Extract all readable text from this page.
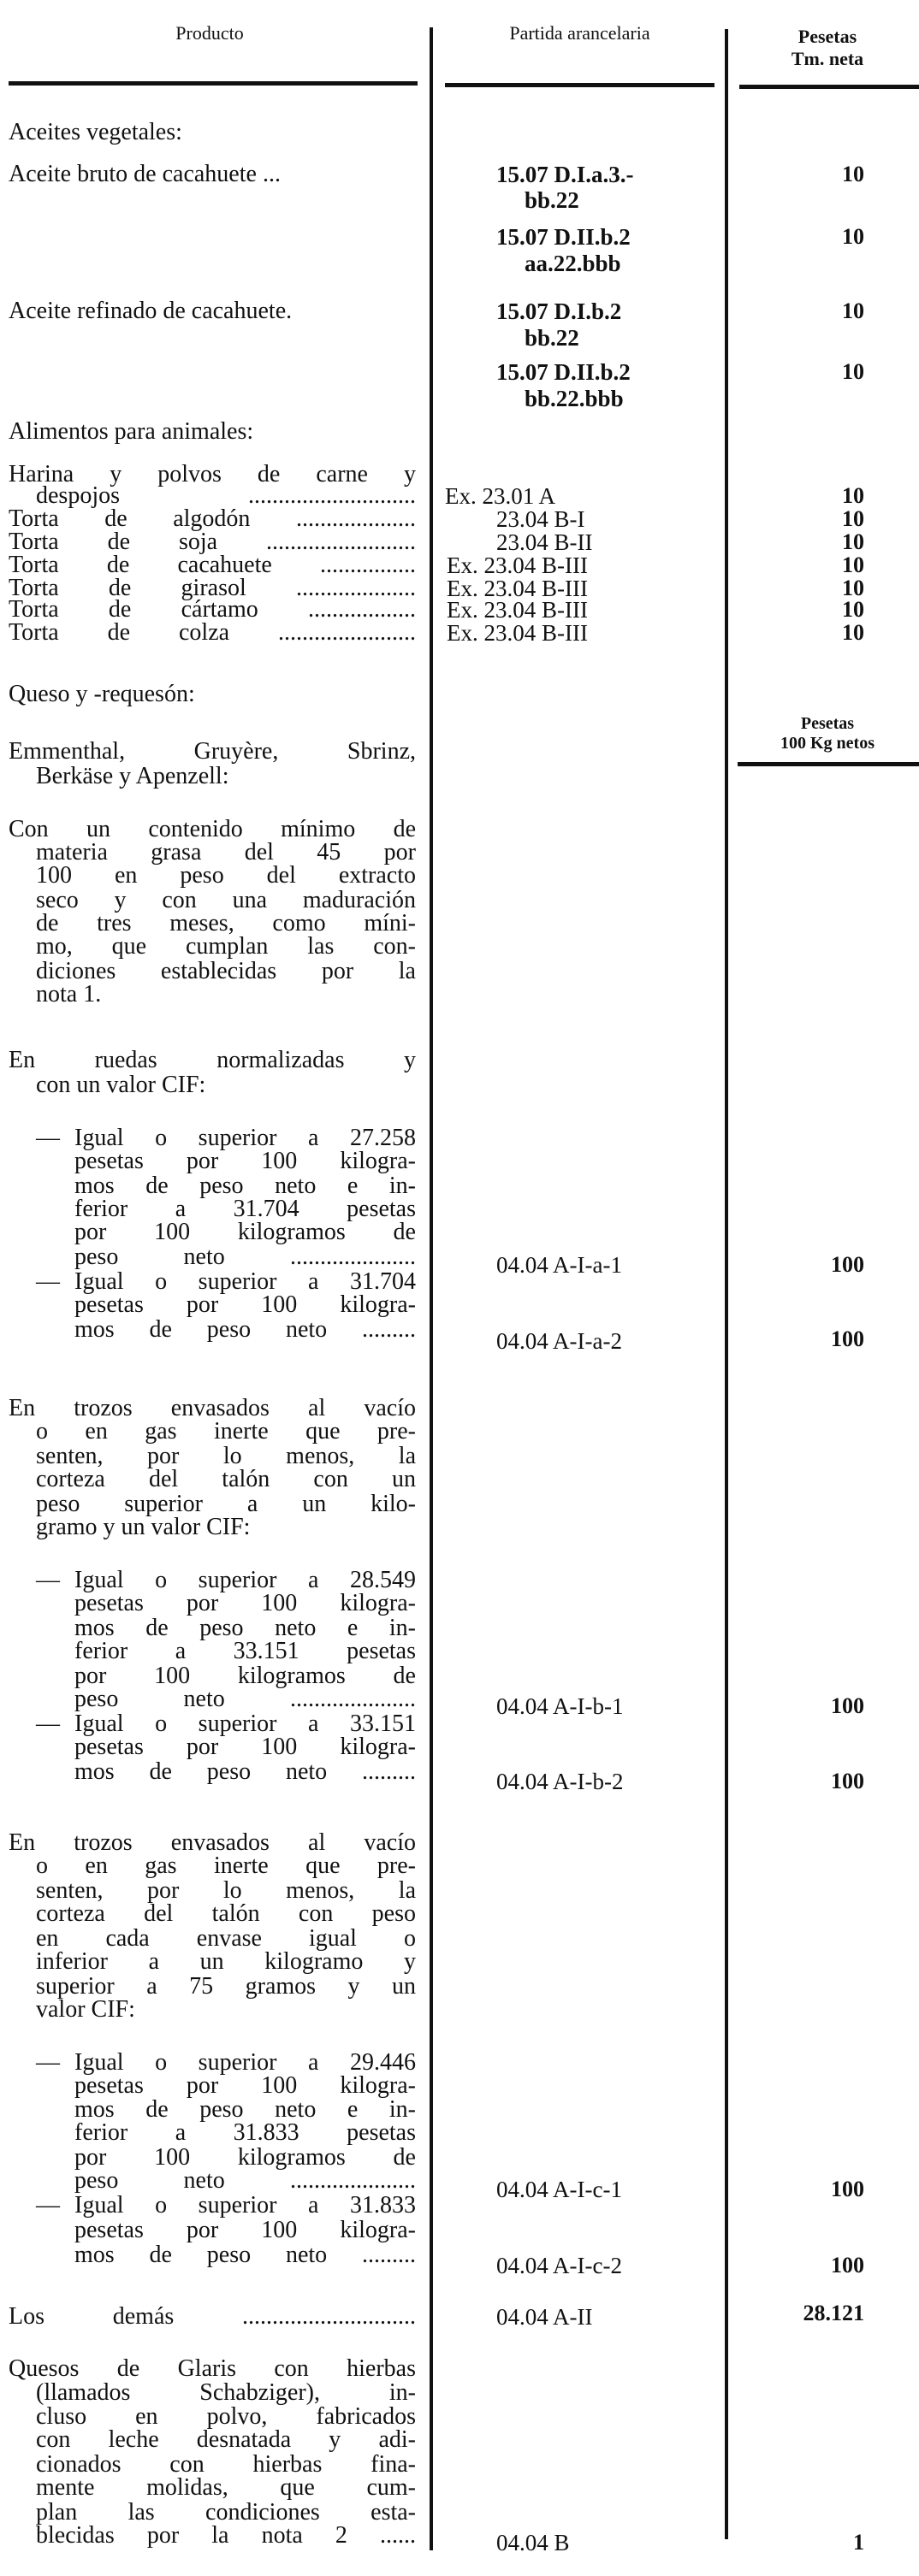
Producto	Partida arancelaria	Pesetas
Tm. neta
Pesetas
100 Kg netos
Aceites vegetales:
Aceite bruto de cacahuete ...
Aceite refinado de cacahuete.
Alimentos para animales:
Harina y polvos de carne y
despojos ............................
Torta de algodón ....................
Torta de soja .........................
Torta de cacahuete ................
Torta de girasol ....................
Torta de cártamo ..................
Torta de colza .......................
Queso y -requesón:
Emmenthal, Gruyère, Sbrinz,
Berkäse y Apenzell:
Con un contenido mínimo de
materia grasa del 45 por
100 en peso del extracto
seco y con una maduración
de tres meses, como míni-
mo, que cumplan las con-
diciones establecidas por la
nota 1.
En ruedas normalizadas y
con un valor CIF:
— Igual o superior a 27.258
pesetas por 100 kilogra-
mos de peso neto e in-
ferior a 31.704 pesetas
por 100 kilogramos de
peso neto .....................
— Igual o superior a 31.704
pesetas por 100 kilogra-
mos de peso neto .........
En trozos envasados al vacío
o en gas inerte que pre-
senten, por lo menos, la
corteza del talón con un
peso superior a un kilo-
gramo y un valor CIF:
— Igual o superior a 28.549
pesetas por 100 kilogra-
mos de peso neto e in-
ferior a 33.151 pesetas
por 100 kilogramos de
peso neto .....................
— Igual o superior a 33.151
pesetas por 100 kilogra-
mos de peso neto .........
En trozos envasados al vacío
o en gas inerte que pre-
senten, por lo menos, la
corteza del talón con peso
en cada envase igual o
inferior a un kilogramo y
superior a 75 gramos y un
valor CIF:
— Igual o superior a 29.446
pesetas por 100 kilogra-
mos de peso neto e in-
ferior a 31.833 pesetas
por 100 kilogramos de
peso neto .....................
— Igual o superior a 31.833
pesetas por 100 kilogra-
mos de peso neto .........
Los demás .............................
Quesos de Glaris con hierbas
(llamados Schabziger), in-
cluso en polvo, fabricados
con leche desnatada y adi-
cionados con hierbas fina-
mente molidas, que cum-
plan las condiciones esta-
blecidas por la nota 2 ......
15.07 D.I.a.3.-
bb.22
15.07 D.II.b.2
aa.22.bbb
15.07 D.I.b.2
bb.22
15.07 D.II.b.2
bb.22.bbb
Ex. 23.01 A
23.04 B-I
23.04 B-II
Ex. 23.04 B-III
Ex. 23.04 B-III
Ex. 23.04 B-III
Ex. 23.04 B-III
04.04 A-I-a-1
04.04 A-I-a-2
04.04 A-I-b-1
04.04 A-I-b-2
04.04 A-I-c-1
04.04 A-I-c-2
04.04 A-II
04.04 B
10
10
10
10
10
10
10
10
10
10
10
100
100
100
100
100
100
28.121
1
